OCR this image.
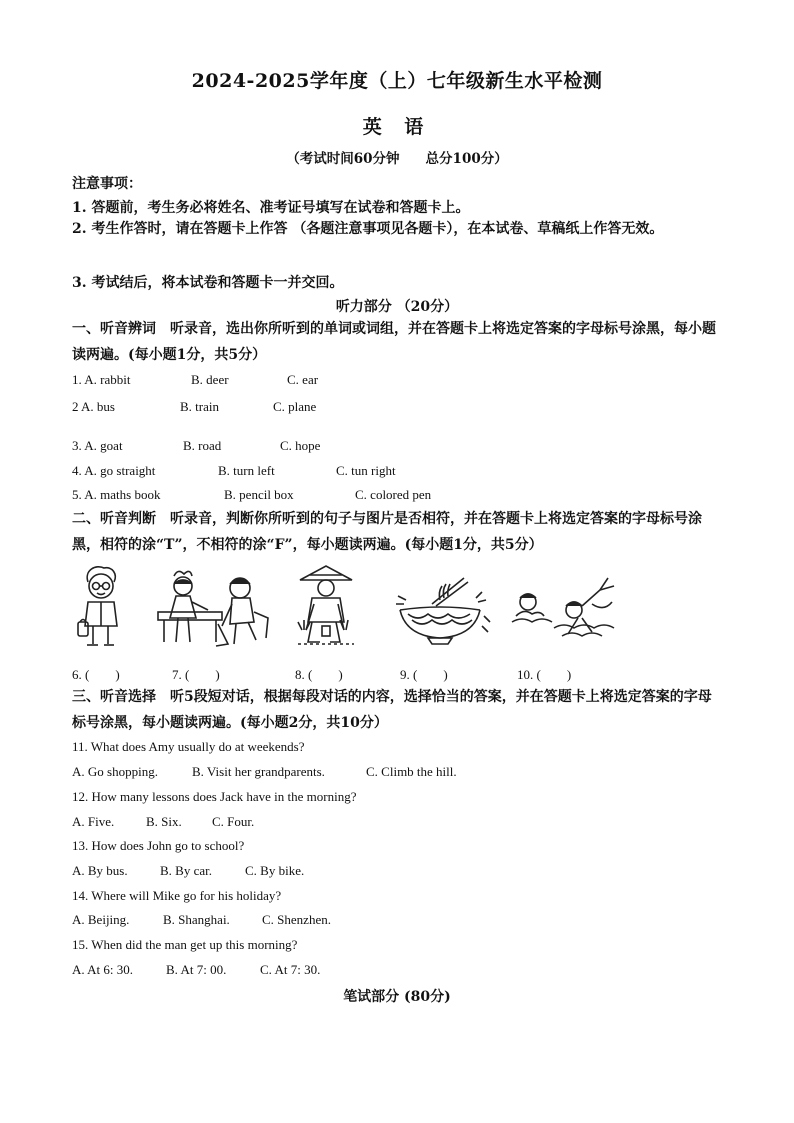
2024-2025学年度（上）七年级新生水平检测
英 语
（考试时间60分钟 总分100分）
注意事项：
1. 答题前，考生务必将姓名、准考证号填写在试卷和答题卡上。
2. 考生作答时，请在答题卡上作答 （各题注意事项见各题卡），在本试卷、草稿纸上作答无效。
3. 考试结后，将本试卷和答题卡一并交回。
听力部分 （20分）
一、听音辨词　听录音，选出你所听到的单词或词组，并在答题卡上将选定答案的字母标号涂黑，每小题读两遍。(每小题1分，共5分）
1. A. rabbit	B. deer	C. ear
2 A. bus	B. train	C. plane
3. A. goat	B. road	C. hope
4. A. go straight	B. turn left	C. tun right
5. A. maths book	B. pencil box	C. colored pen
二、听音判断　听录音，判断你所听到的句子与图片是否相符，并在答题卡上将选定答案的字母标号涂黑，相符的涂“T”，不相符的涂“F”，每小题读两遍。(每小题1分，共5分）
6. (　　)	7. (　　)	8. (　　)	9. (　　)	10. (　　)
三、听音选择　听5段短对话，根据每段对话的内容，选择恰当的答案，并在答题卡上将选定答案的字母标号涂黑，每小题读两遍。(每小题2分，共10分）
11. What does Amy usually do at weekends?
A. Go shopping.	B. Visit her grandparents.	C. Climb the hill.
12. How many lessons does Jack have in the morning?
A. Five. B. Six. C. Four.
13. How does John go to school?
A. By bus. B. By car.	C. By bike.
14. Where will Mike go for his holiday?
A. Beijing.	B. Shanghai. C. Shenzhen.
15. When did the man get up this morning?
A. At 6: 30.	B. At 7: 00.	C. At 7: 30.
笔试部分 (80分)
